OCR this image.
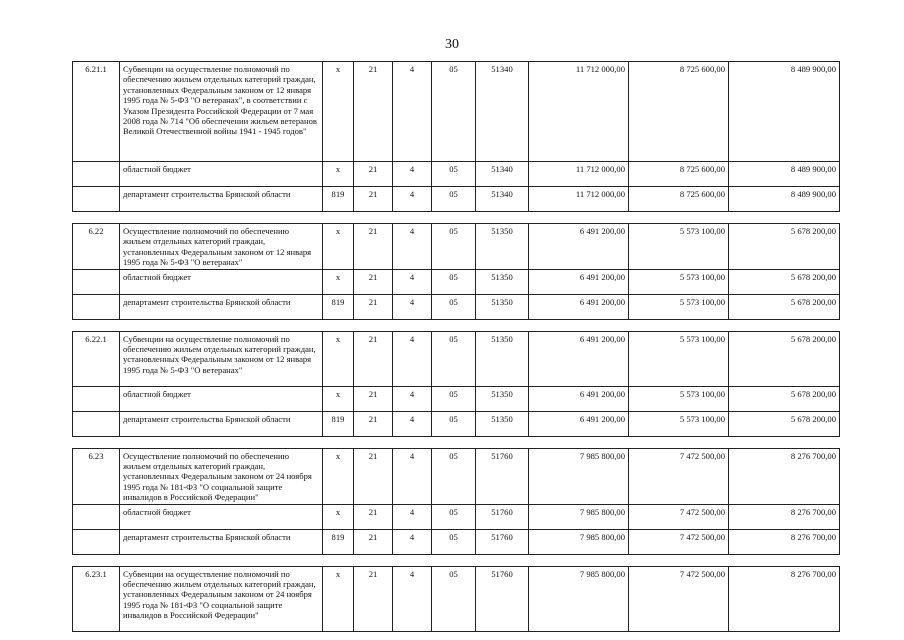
30
6.21.1	Субвенции на осуществление полномочий по обеспечению жильем отдельных категорий граждан, установленных Федеральным законом от 12 января 1995 года № 5-ФЗ "О ветеранах", в соответствии с Указом Президента Российской Федерации от 7 мая 2008 года № 714 "Об обеспечении жильем ветеранов Великой Отечественной войны 1941 - 1945 годов"	х	21	4	05	51340	11 712 000,00	8 725 600,00	8 489 900,00
	областной бюджет	х	21	4	05	51340	11 712 000,00	8 725 600,00	8 489 900,00
	департамент строительства Брянской области	819	21	4	05	51340	11 712 000,00	8 725 600,00	8 489 900,00

6.22	Осуществление полномочий по обеспечению жильем отдельных категорий граждан, установленных Федеральным законом от 12 января 1995 года № 5-ФЗ "О ветеранах"	х	21	4	05	51350	6 491 200,00	5 573 100,00	5 678 200,00
	областной бюджет	х	21	4	05	51350	6 491 200,00	5 573 100,00	5 678 200,00
	департамент строительства Брянской области	819	21	4	05	51350	6 491 200,00	5 573 100,00	5 678 200,00

6.22.1	Субвенции на осуществление полномочий по обеспечению жильем отдельных категорий граждан, установленных Федеральным законом от 12 января 1995 года № 5-ФЗ "О ветеранах"	х	21	4	05	51350	6 491 200,00	5 573 100,00	5 678 200,00
	областной бюджет	х	21	4	05	51350	6 491 200,00	5 573 100,00	5 678 200,00
	департамент строительства Брянской области	819	21	4	05	51350	6 491 200,00	5 573 100,00	5 678 200,00

6.23	Осуществление полномочий по обеспечению жильем отдельных категорий граждан, установленных Федеральным законом от 24 ноября 1995 года № 181-ФЗ "О социальной защите инвалидов в Российской Федерации"	х	21	4	05	51760	7 985 800,00	7 472 500,00	8 276 700,00
	областной бюджет	х	21	4	05	51760	7 985 800,00	7 472 500,00	8 276 700,00
	департамент строительства Брянской области	819	21	4	05	51760	7 985 800,00	7 472 500,00	8 276 700,00

6.23.1	Субвенции на осуществление полномочий по обеспечению жильем отдельных категорий граждан, установленных Федеральным законом от 24 ноября 1995 года № 181-ФЗ "О социальной защите инвалидов в Российской Федерации"	х	21	4	05	51760	7 985 800,00	7 472 500,00	8 276 700,00
